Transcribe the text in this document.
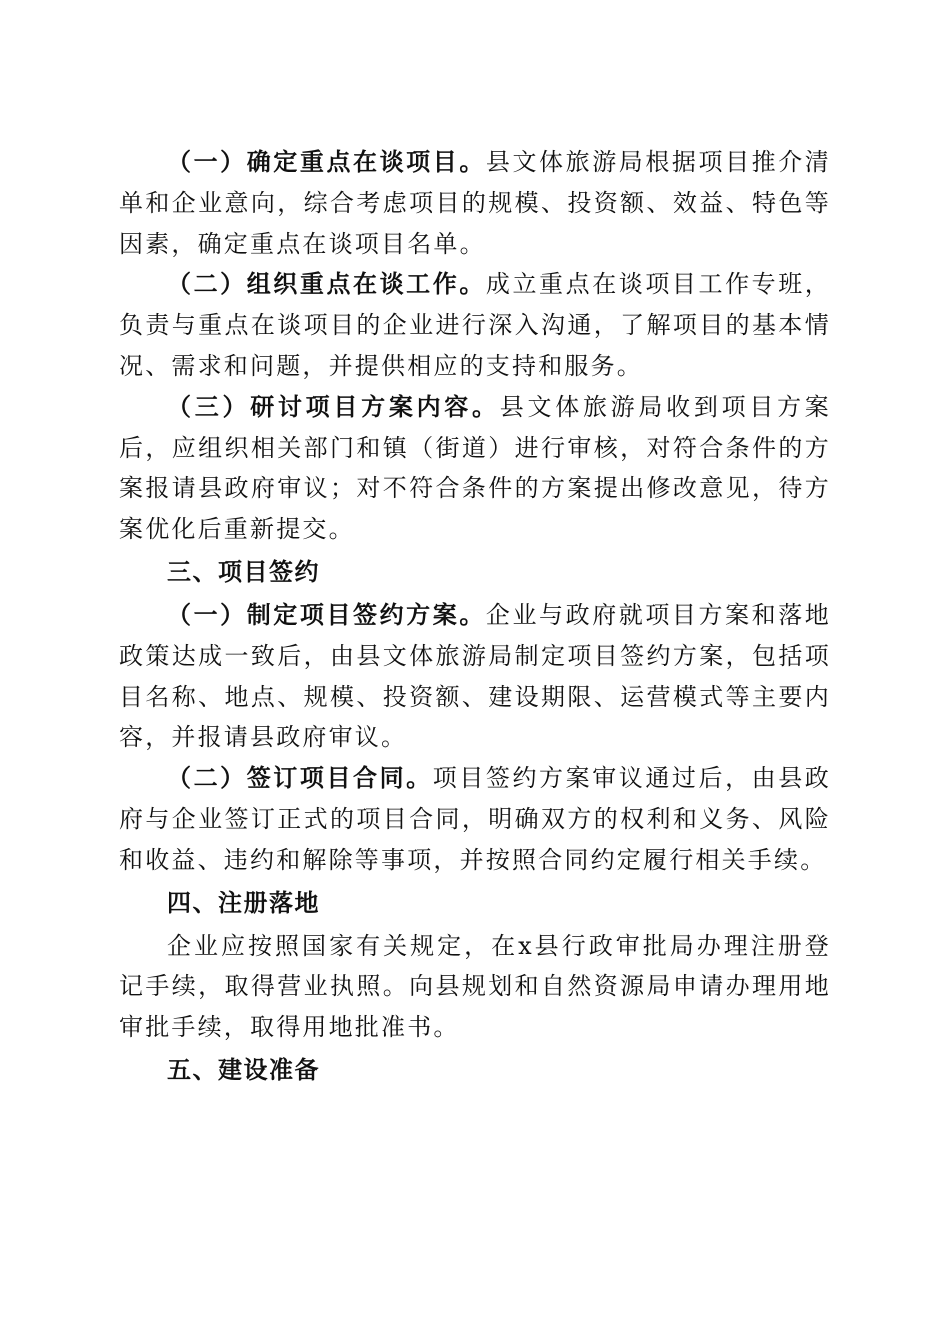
（一）确定重点在谈项目。县文体旅游局根据项目推介清单和企业意向，综合考虑项目的规模、投资额、效益、特色等因素，确定重点在谈项目名单。

（二）组织重点在谈工作。成立重点在谈项目工作专班，负责与重点在谈项目的企业进行深入沟通，了解项目的基本情况、需求和问题，并提供相应的支持和服务。

（三）研讨项目方案内容。县文体旅游局收到项目方案后，应组织相关部门和镇（街道）进行审核，对符合条件的方案报请县政府审议；对不符合条件的方案提出修改意见，待方案优化后重新提交。

三、项目签约

（一）制定项目签约方案。企业与政府就项目方案和落地政策达成一致后，由县文体旅游局制定项目签约方案，包括项目名称、地点、规模、投资额、建设期限、运营模式等主要内容，并报请县政府审议。

（二）签订项目合同。项目签约方案审议通过后，由县政府与企业签订正式的项目合同，明确双方的权利和义务、风险和收益、违约和解除等事项，并按照合同约定履行相关手续。

四、注册落地

企业应按照国家有关规定，在x县行政审批局办理注册登记手续，取得营业执照。向县规划和自然资源局申请办理用地审批手续，取得用地批准书。

五、建设准备
